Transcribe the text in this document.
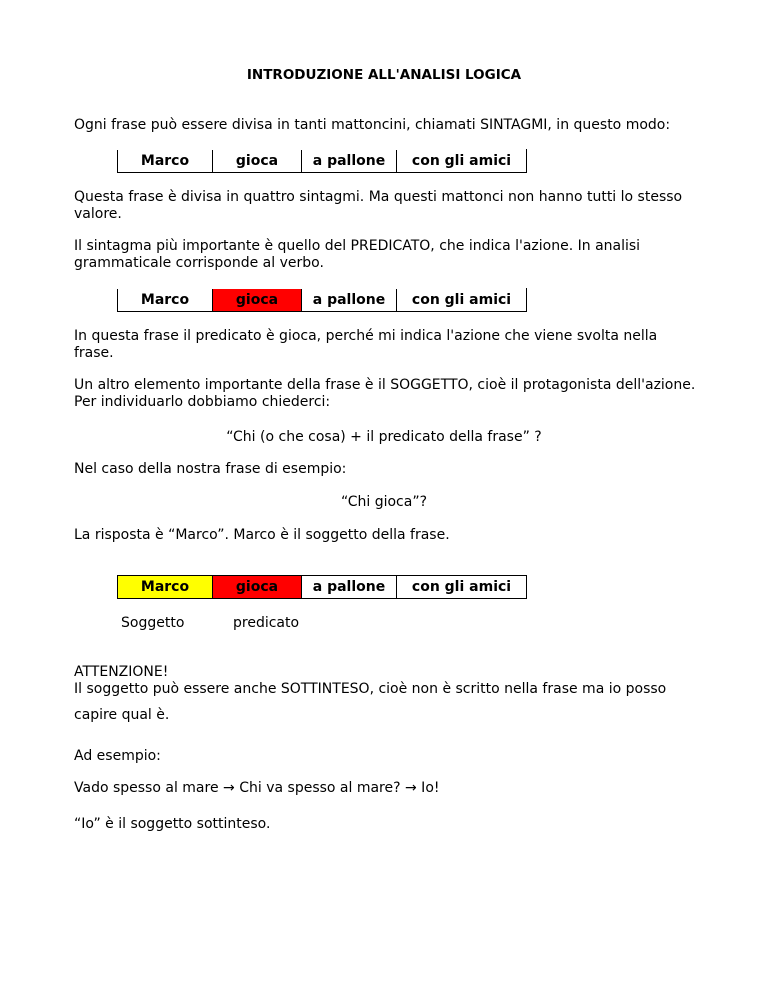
INTRODUZIONE ALL'ANALISI LOGICA

Ogni frase può essere divisa in tanti mattoncini, chiamati SINTAGMI, in questo modo:

Marco	gioca	a pallone	con gli amici

Questa frase è divisa in quattro sintagmi. Ma questi mattonci non hanno tutti lo stesso

valore.

Il sintagma più importante è quello del PREDICATO, che indica l'azione. In analisi

grammaticale corrisponde al verbo.

Marco	gioca	a pallone	con gli amici

In questa frase il predicato è gioca, perché mi indica l'azione che viene svolta nella

frase.

Un altro elemento importante della frase è il SOGGETTO, cioè il protagonista dell'azione.

Per individuarlo dobbiamo chiederci:

“Chi (o che cosa) + il predicato della frase” ?

Nel caso della nostra frase di esempio:

“Chi gioca”?

La risposta è “Marco”. Marco è il soggetto della frase.

Marco	gioca	a pallone	con gli amici

Soggetto	predicato

ATTENZIONE!

Il soggetto può essere anche SOTTINTESO, cioè non è scritto nella frase ma io posso

capire qual è.

Ad esempio:

Vado spesso al mare → Chi va spesso al mare? → Io!

“Io” è il soggetto sottinteso.
